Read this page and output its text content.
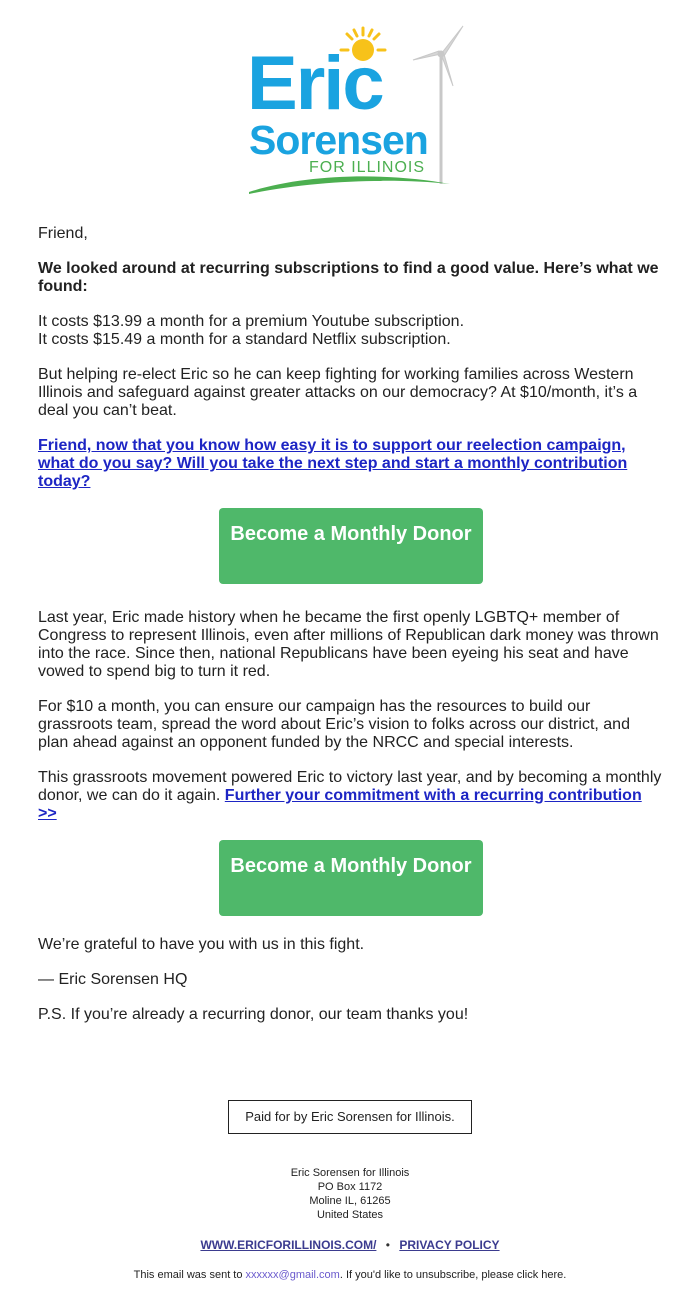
Eric
Sorensen
FOR ILLINOIS

Friend,

We looked around at recurring subscriptions to find a good value. Here’s what we found:

It costs $13.99 a month for a premium Youtube subscription.
It costs $15.49 a month for a standard Netflix subscription.

But helping re-elect Eric so he can keep fighting for working families across Western Illinois and safeguard against greater attacks on our democracy? At $10/month, it’s a deal you can’t beat.

Friend, now that you know how easy it is to support our reelection campaign, what do you say? Will you take the next step and start a monthly contribution today?

Become a Monthly Donor

Last year, Eric made history when he became the first openly LGBTQ+ member of Congress to represent Illinois, even after millions of Republican dark money was thrown into the race. Since then, national Republicans have been eyeing his seat and have vowed to spend big to turn it red.

For $10 a month, you can ensure our campaign has the resources to build our grassroots team, spread the word about Eric’s vision to folks across our district, and plan ahead against an opponent funded by the NRCC and special interests.

This grassroots movement powered Eric to victory last year, and by becoming a monthly donor, we can do it again. Further your commitment with a recurring contribution >>

Become a Monthly Donor

We’re grateful to have you with us in this fight.

— Eric Sorensen HQ

P.S. If you’re already a recurring donor, our team thanks you!

Paid for by Eric Sorensen for Illinois.
Eric Sorensen for Illinois
PO Box 1172
Moline IL, 61265
United States
WWW.ERICFORILLINOIS.COM/ • PRIVACY POLICY
This email was sent to xxxxxx@gmail.com. If you'd like to unsubscribe, please click here.
